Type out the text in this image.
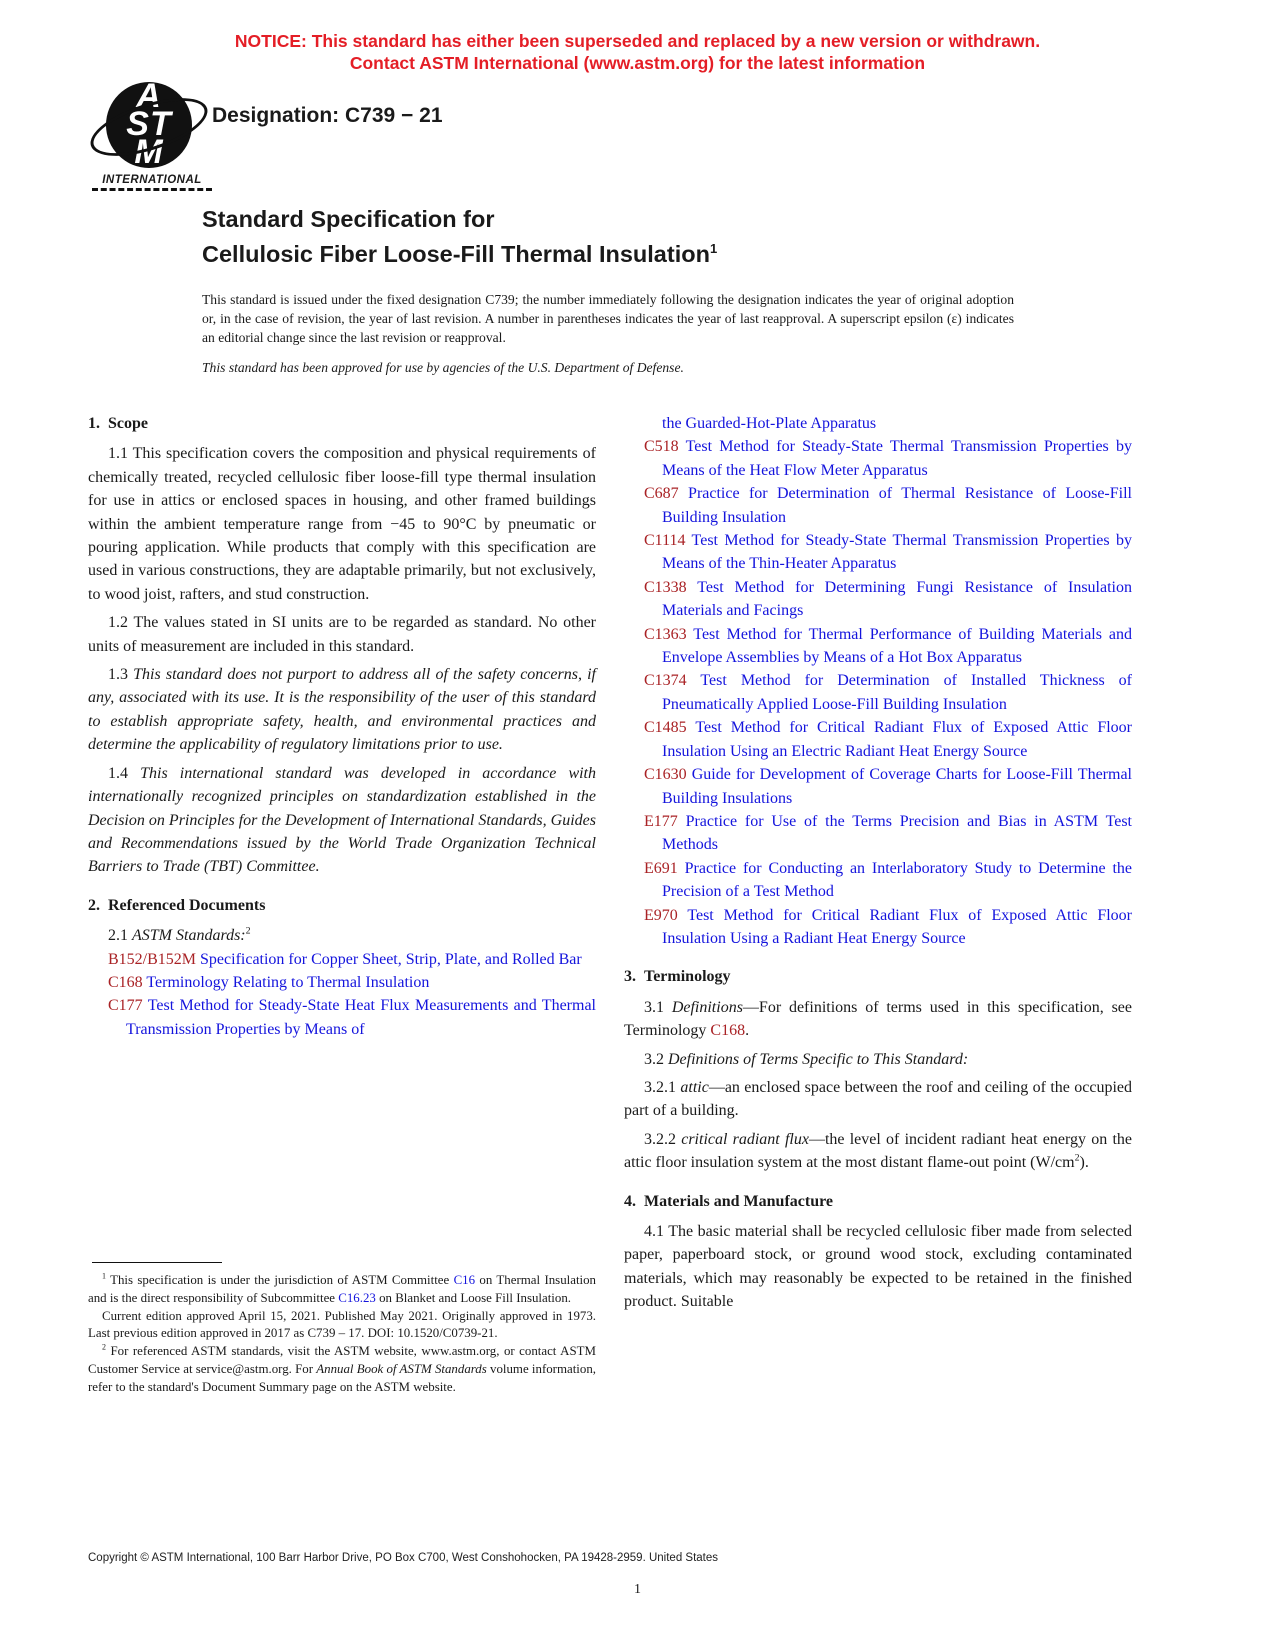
NOTICE: This standard has either been superseded and replaced by a new version or withdrawn.
Contact ASTM International (www.astm.org) for the latest information
ASTM
INTERNATIONAL
Designation: C739 − 21
Standard Specification for
Cellulosic Fiber Loose-Fill Thermal Insulation$^1$
This standard is issued under the fixed designation C739; the number immediately following the designation indicates the year of original adoption or, in the case of revision, the year of last revision. A number in parentheses indicates the year of last reapproval. A superscript epsilon (ε) indicates an editorial change since the last revision or reapproval.
This standard has been approved for use by agencies of the U.S. Department of Defense.
1.  Scope
1.1 This specification covers the composition and physical requirements of chemically treated, recycled cellulosic fiber loose-fill type thermal insulation for use in attics or enclosed spaces in housing, and other framed buildings within the ambient temperature range from −45 to 90°C by pneumatic or pouring application. While products that comply with this specification are used in various constructions, they are adaptable primarily, but not exclusively, to wood joist, rafters, and stud construction.
1.2 The values stated in SI units are to be regarded as standard. No other units of measurement are included in this standard.
1.3 This standard does not purport to address all of the safety concerns, if any, associated with its use. It is the responsibility of the user of this standard to establish appropriate safety, health, and environmental practices and determine the applicability of regulatory limitations prior to use.
1.4 This international standard was developed in accordance with internationally recognized principles on standardization established in the Decision on Principles for the Development of International Standards, Guides and Recommendations issued by the World Trade Organization Technical Barriers to Trade (TBT) Committee.
2.  Referenced Documents
2.1 ASTM Standards:$^2$
B152/B152M Specification for Copper Sheet, Strip, Plate, and Rolled Bar
C168 Terminology Relating to Thermal Insulation
C177 Test Method for Steady-State Heat Flux Measurements and Thermal Transmission Properties by Means of
the Guarded-Hot-Plate Apparatus
C518 Test Method for Steady-State Thermal Transmission Properties by Means of the Heat Flow Meter Apparatus
C687 Practice for Determination of Thermal Resistance of Loose-Fill Building Insulation
C1114 Test Method for Steady-State Thermal Transmission Properties by Means of the Thin-Heater Apparatus
C1338 Test Method for Determining Fungi Resistance of Insulation Materials and Facings
C1363 Test Method for Thermal Performance of Building Materials and Envelope Assemblies by Means of a Hot Box Apparatus
C1374 Test Method for Determination of Installed Thickness of Pneumatically Applied Loose-Fill Building Insulation
C1485 Test Method for Critical Radiant Flux of Exposed Attic Floor Insulation Using an Electric Radiant Heat Energy Source
C1630 Guide for Development of Coverage Charts for Loose-Fill Thermal Building Insulations
E177 Practice for Use of the Terms Precision and Bias in ASTM Test Methods
E691 Practice for Conducting an Interlaboratory Study to Determine the Precision of a Test Method
E970 Test Method for Critical Radiant Flux of Exposed Attic Floor Insulation Using a Radiant Heat Energy Source
3.  Terminology
3.1 Definitions—For definitions of terms used in this specification, see Terminology C168.
3.2 Definitions of Terms Specific to This Standard:
3.2.1 attic—an enclosed space between the roof and ceiling of the occupied part of a building.
3.2.2 critical radiant flux—the level of incident radiant heat energy on the attic floor insulation system at the most distant flame-out point $(W/cm^2)$.
4.  Materials and Manufacture
4.1 The basic material shall be recycled cellulosic fiber made from selected paper, paperboard stock, or ground wood stock, excluding contaminated materials, which may reasonably be expected to be retained in the finished product. Suitable
$^1$ This specification is under the jurisdiction of ASTM Committee C16 on Thermal Insulation and is the direct responsibility of Subcommittee C16.23 on Blanket and Loose Fill Insulation.
Current edition approved April 15, 2021. Published May 2021. Originally approved in 1973. Last previous edition approved in 2017 as C739 – 17. DOI: 10.1520/C0739-21.
$^2$ For referenced ASTM standards, visit the ASTM website, www.astm.org, or contact ASTM Customer Service at service@astm.org. For Annual Book of ASTM Standards volume information, refer to the standard's Document Summary page on the ASTM website.
Copyright © ASTM International, 100 Barr Harbor Drive, PO Box C700, West Conshohocken, PA 19428-2959. United States
1
